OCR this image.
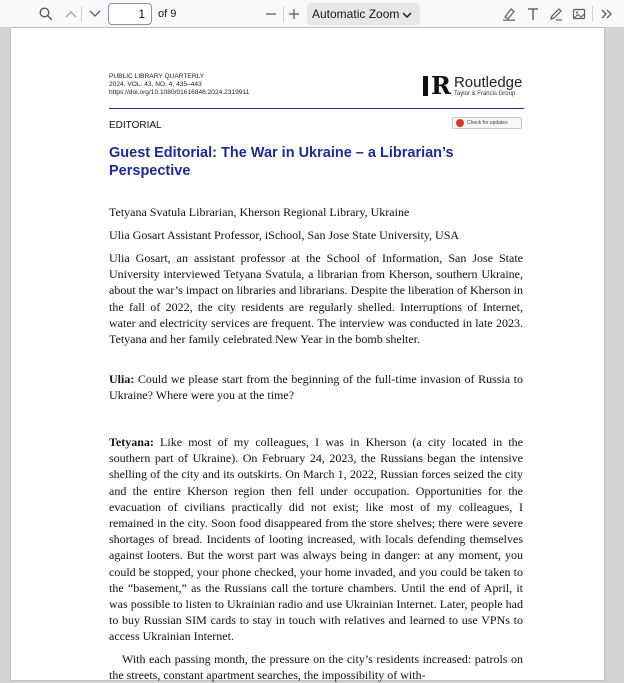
1	of 9	Automatic Zoom
PUBLIC LIBRARY QUARTERLY
2024, VOL. 43, NO. 4, 435–443
https://doi.org/10.1080/01616846.2024.2319911	R Routledge
Taylor & Francis Group
EDITORIAL	Check for updates
Guest Editorial: The War in Ukraine – a Librarian’s Perspective
Tetyana Svatula Librarian, Kherson Regional Library, Ukraine
Ulia Gosart Assistant Professor, iSchool, San Jose State University, USA
Ulia Gosart, an assistant professor at the School of Information, San Jose State University interviewed Tetyana Svatula, a librarian from Kherson, southern Ukraine, about the war’s impact on libraries and librarians. Despite the liberation of Kherson in the fall of 2022, the city residents are regularly shelled. Interruptions of Internet, water and electricity services are frequent. The interview was conducted in late 2023. Tetyana and her family celebrated New Year in the bomb shelter.
Ulia: Could we please start from the beginning of the full-time invasion of Russia to Ukraine? Where were you at the time?
Tetyana: Like most of my colleagues, I was in Kherson (a city located in the southern part of Ukraine). On February 24, 2023, the Russians began the intensive shelling of the city and its outskirts. On March 1, 2022, Russian forces seized the city and the entire Kherson region then fell under occupation. Opportunities for the evacuation of civilians practically did not exist; like most of my colleagues, I remained in the city. Soon food disappeared from the store shelves; there were severe shortages of bread. Incidents of looting increased, with locals defending themselves against looters. But the worst part was always being in danger: at any moment, you could be stopped, your phone checked, your home invaded, and you could be taken to the “basement,” as the Russians call the torture chambers. Until the end of April, it was possible to listen to Ukrainian radio and use Ukrainian Internet. Later, people had to buy Russian SIM cards to stay in touch with relatives and learned to use VPNs to access Ukrainian Internet.
With each passing month, the pressure on the city’s residents increased: patrols on the streets, constant apartment searches, the impossibility of with-
